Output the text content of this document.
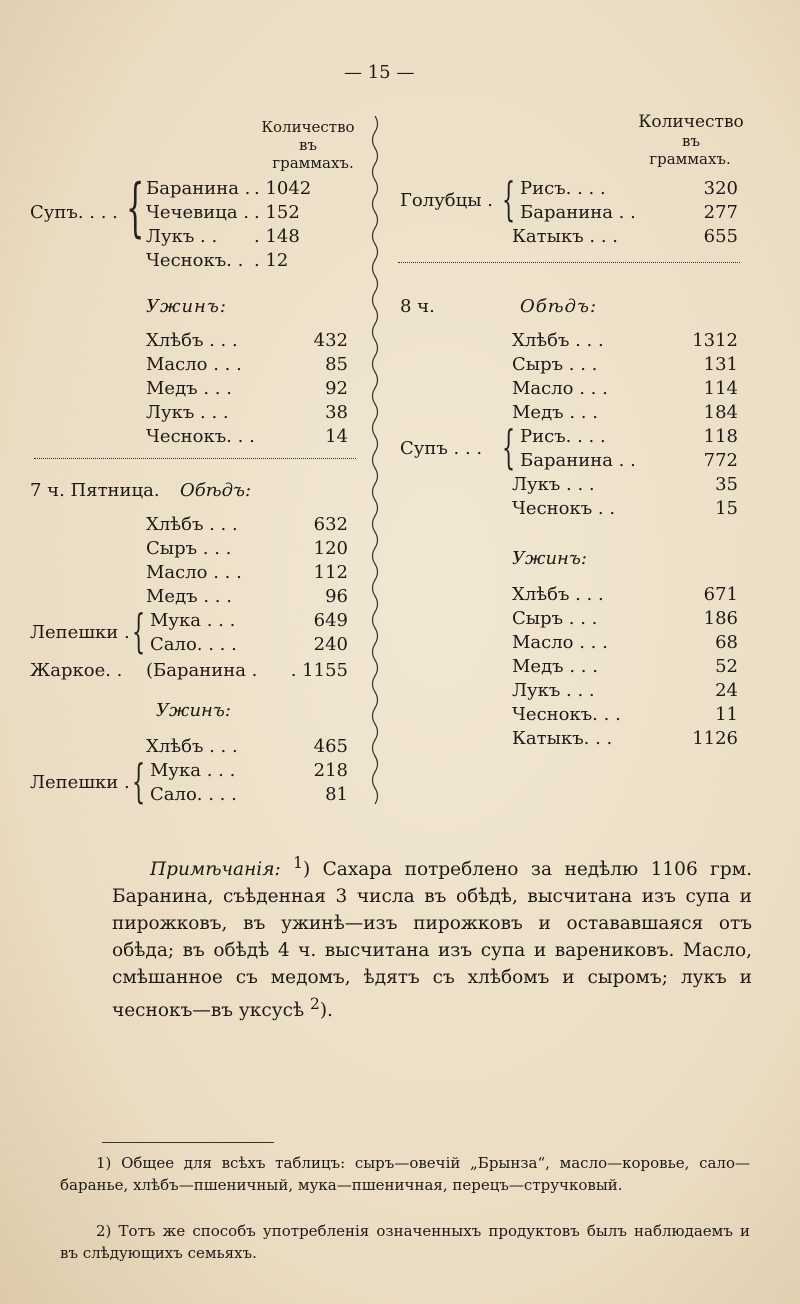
— 15 —
Количество
въ
граммахъ.
Супъ. . . . { Баранина . . 1042
Чечевица . . 152
Лукъ . . . 148
Чеснокъ. . . 12
Ужинъ:
Хлѣбъ . . .	432
Масло . . .	85
Медъ . . .	92
Лукъ . . .	38
Чеснокъ. . .	14
7 ч. Пятница. Обѣдъ:
Хлѣбъ . . .	632
Сыръ . . .	120
Масло . . .	112
Медъ . . .	96
Лепешки . { Мука . . .	649
Сало. . . .	240
Жаркое. . (Баранина .	. 1155
Ужинъ:
Хлѣбъ . . .	465
Лепешки . { Мука . . .	218
Сало. . . .	81
Количество
въ
граммахъ.
Голубцы . { Рисъ. . . .	320
Баранина . .	277
Катыкъ . . .	655
8 ч.	Обѣдъ:
Хлѣбъ . . .	1312
Сыръ . . .	131
Масло . . .	114
Медъ . . .	184
Супъ . . . { Рисъ. . . .	118
Баранина . .	772
Лукъ . . .	35
Чеснокъ . .	15
Ужинъ:
Хлѣбъ . . .	671
Сыръ . . .	186
Масло . . .	68
Медъ . . .	52
Лукъ . . .	24
Чеснокъ. . .	11
Катыкъ. . .	1126
Примѣчанія: $^1$) Сахара потреблено за недѣлю 1106 грм. Баранина, съѣденная 3 числа въ обѣдѣ, высчитана изъ супа и пирожковъ, въ ужинѣ—изъ пирожковъ и остававшаяся отъ обѣда; въ обѣдѣ 4 ч. высчитана изъ супа и варениковъ. Масло, смѣшанное съ медомъ, ѣдятъ съ хлѣбомъ и сыромъ; лукъ и чеснокъ—въ уксусѣ $^2$).
1) Общее для всѣхъ таблицъ: сыръ—овечій „Брынза“, масло—коровье, сало—баранье, хлѣбъ—пшеничный, мука—пшеничная, перецъ—стручковый.
2) Тотъ же способъ употребленія означенныхъ продуктовъ былъ наблюдаемъ и въ слѣдующихъ семьяхъ.
